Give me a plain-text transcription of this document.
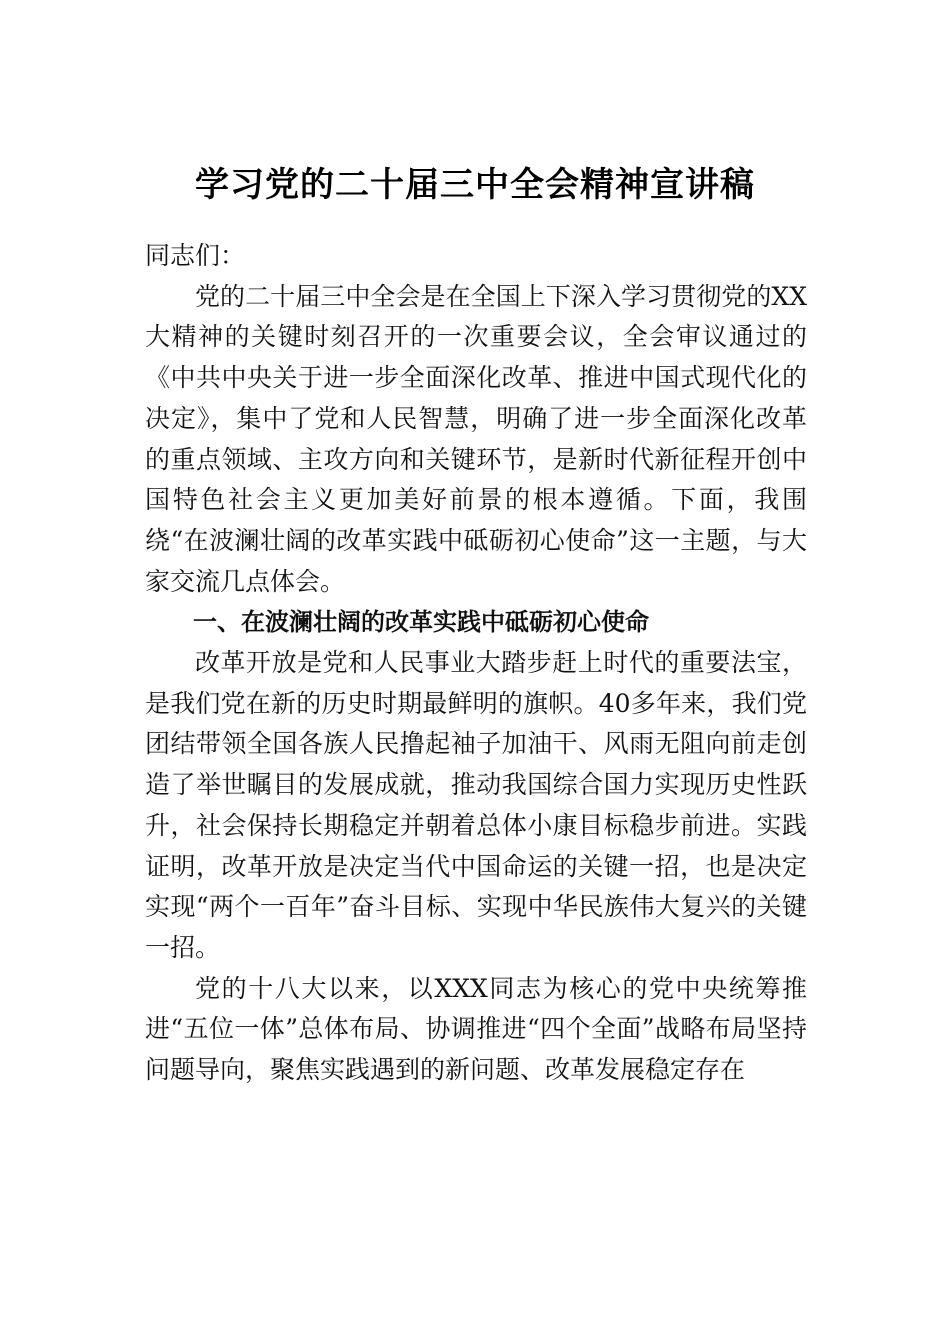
学习党的二十届三中全会精神宣讲稿

同志们：

党的二十届三中全会是在全国上下深入学习贯彻党的XX大精神的关键时刻召开的一次重要会议，全会审议通过的《中共中央关于进一步全面深化改革、推进中国式现代化的决定》，集中了党和人民智慧，明确了进一步全面深化改革的重点领域、主攻方向和关键环节，是新时代新征程开创中国特色社会主义更加美好前景的根本遵循。下面，我围绕“在波澜壮阔的改革实践中砥砺初心使命”这一主题，与大家交流几点体会。

一、在波澜壮阔的改革实践中砥砺初心使命

改革开放是党和人民事业大踏步赶上时代的重要法宝，是我们党在新的历史时期最鲜明的旗帜。40多年来，我们党团结带领全国各族人民撸起袖子加油干、风雨无阻向前走创造了举世瞩目的发展成就，推动我国综合国力实现历史性跃升，社会保持长期稳定并朝着总体小康目标稳步前进。实践证明，改革开放是决定当代中国命运的关键一招，也是决定实现“两个一百年”奋斗目标、实现中华民族伟大复兴的关键一招。

党的十八大以来，以XXX同志为核心的党中央统筹推进“五位一体”总体布局、协调推进“四个全面”战略布局坚持问题导向，聚焦实践遇到的新问题、改革发展稳定存在
